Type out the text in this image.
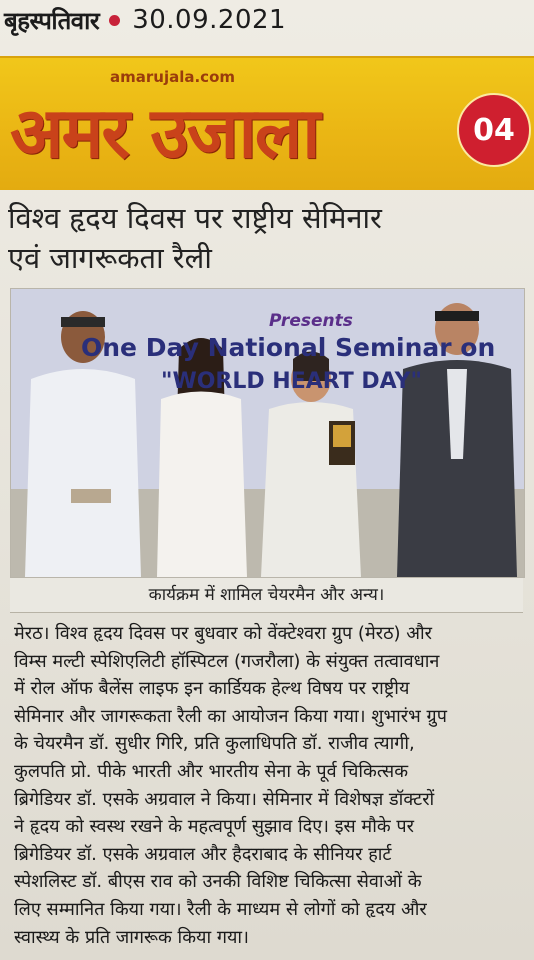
बृहस्पतिवार 30.09.2021
amarujala.com
अमर उजाला	04
विश्व हृदय दिवस पर राष्ट्रीय सेमिनार
एवं जागरूकता रैली
Presents
One Day National Seminar on
"WORLD HEART DAY"
कार्यक्रम में शामिल चेयरमैन और अन्य।
मेरठ। विश्व हृदय दिवस पर बुधवार को वेंक्टेश्वरा ग्रुप (मेरठ) और
विम्स मल्टी स्पेशिएलिटी हॉस्पिटल (गजरौला) के संयुक्त तत्वावधान
में रोल ऑफ बैलेंस लाइफ इन कार्डियक हेल्थ विषय पर राष्ट्रीय
सेमिनार और जागरूकता रैली का आयोजन किया गया। शुभारंभ ग्रुप
के चेयरमैन डॉ. सुधीर गिरि, प्रति कुलाधिपति डॉ. राजीव त्यागी,
कुलपति प्रो. पीके भारती और भारतीय सेना के पूर्व चिकित्सक
ब्रिगेडियर डॉ. एसके अग्रवाल ने किया। सेमिनार में विशेषज्ञ डॉक्टरों
ने हृदय को स्वस्थ रखने के महत्वपूर्ण सुझाव दिए। इस मौके पर
ब्रिगेडियर डॉ. एसके अग्रवाल और हैदराबाद के सीनियर हार्ट
स्पेशलिस्ट डॉ. बीएस राव को उनकी विशिष्ट चिकित्सा सेवाओं के
लिए सम्मानित किया गया। रैली के माध्यम से लोगों को हृदय और
स्वास्थ्य के प्रति जागरूक किया गया।
